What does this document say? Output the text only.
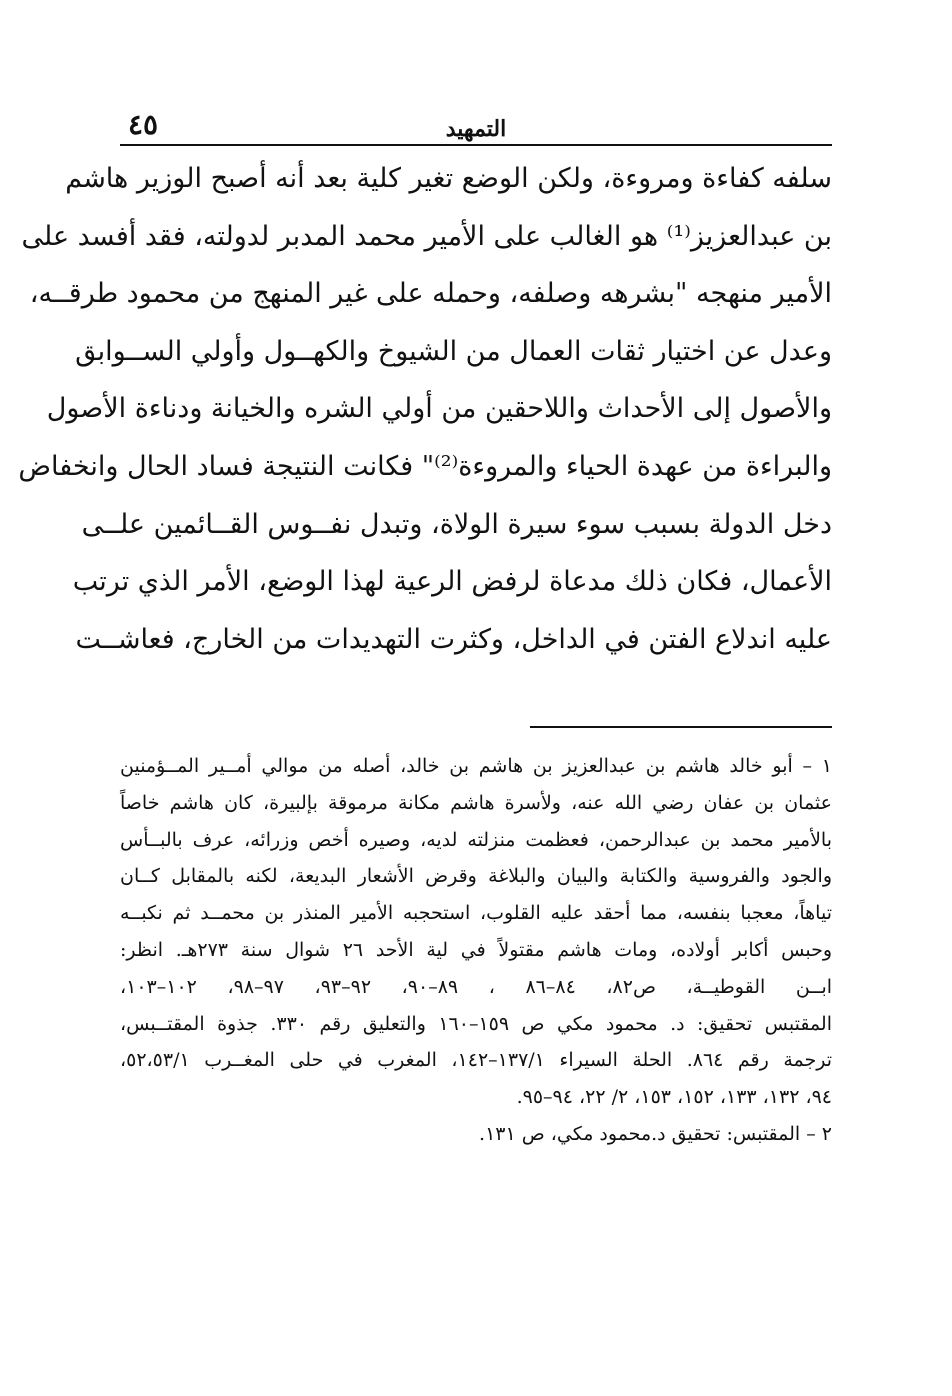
٤٥	التمهيد
سلفه كفاءة ومروءة، ولكن الوضع تغير كلية بعد أنه أصبح الوزير هاشم
بن عبدالعزيز⁽¹⁾ هو الغالب على الأمير محمد المدبر لدولته، فقد أفسد على
الأمير منهجه "بشرهه وصلفه، وحمله على غير المنهج من محمود طرقــه،
وعدل عن اختيار ثقات العمال من الشيوخ والكهــول وأولي الســوابق
والأصول إلى الأحداث واللاحقين من أولي الشره والخيانة ودناءة الأصول
والبراءة من عهدة الحياء والمروءة⁽²⁾" فكانت النتيجة فساد الحال وانخفاض
دخل الدولة بسبب سوء سيرة الولاة، وتبدل نفــوس القــائمين علــى
الأعمال، فكان ذلك مدعاة لرفض الرعية لهذا الوضع، الأمر الذي ترتب
عليه اندلاع الفتن في الداخل، وكثرت التهديدات من الخارج، فعاشــت
١ – أبو خالد هاشم بن عبدالعزيز بن هاشم بن خالد، أصله من موالي أمــير المــؤمنين
عثمان بن عفان رضي الله عنه، ولأسرة هاشم مكانة مرموقة بإلبيرة، كان هاشم خاصاً
بالأمير محمد بن عبدالرحمن، فعظمت منزلته لديه، وصيره أخص وزرائه، عرف بالبــأس
والجود والفروسية والكتابة والبيان والبلاغة وقرض الأشعار البديعة، لكنه بالمقابل كــان
تياهاً، معجبا بنفسه، مما أحقد عليه القلوب، استحجبه الأمير المنذر بن محمــد ثم نكبــه
وحبس أكابر أولاده، ومات هاشم مقتولاً في لية الأحد ٢٦ شوال سنة ٢٧٣هـ. انظر:
ابــن القوطيــة، ص٨٢، ٨٤–٨٦ ، ٨٩–٩٠، ٩٢–٩٣، ٩٧–٩٨، ١٠٢–١٠٣،
المقتبس تحقيق: د. محمود مكي ص ١٥٩–١٦٠ والتعليق رقم ٣٣٠. جذوة المقتــبس،
ترجمة رقم ٨٦٤. الحلة السيراء ١٣٧/١–١٤٢، المغرب في حلى المغــرب ٥٢،٥٣/١،
٩٤، ١٣٢، ١٣٣، ١٥٢، ١٥٣، ٢/ ٢٢، ٩٤–٩٥.
٢ – المقتبس: تحقيق د.محمود مكي، ص ١٣١.
